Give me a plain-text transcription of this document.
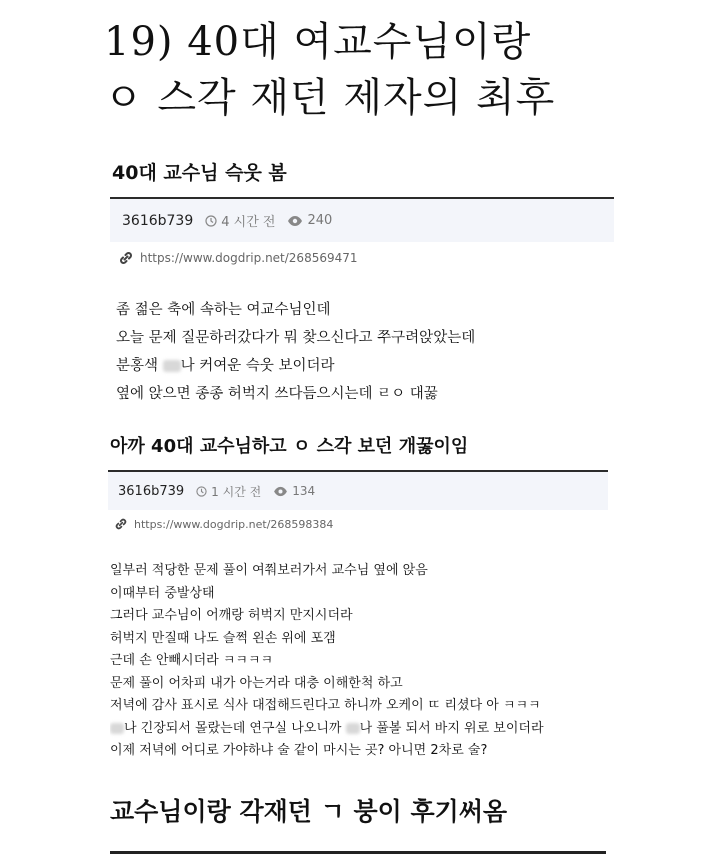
19) 40대 여교수님이랑
ㅇ 스각 재던 제자의 최후
40대 교수님 슥웃 봄
3616b739 4 시간 전 240
https://www.dogdrip.net/268569471
좀 젊은 축에 속하는 여교수님인데
오늘 문제 질문하러갔다가 뭐 찾으신다고 쭈구려앉았는데
분홍색 나 커여운 슥웃 보이더라
옆에 앉으면 종종 허벅지 쓰다듬으시는데 ㄹㅇ 대꿇
아까 40대 교수님하고 ㅇ 스각 보던 개꿇이임
3616b739 1 시간 전	134
https://www.dogdrip.net/268598384
일부러 적당한 문제 풀이 여쭤보러가서 교수님 옆에 앉음
이때부터 중발상태
그러다 교수님이 어깨랑 허벅지 만지시더라
허벅지 만질때 나도 슬쩍 왼손 위에 포갬
근데 손 안빼시더라 ㅋㅋㅋㅋ
문제 풀이 어차피 내가 아는거라 대충 이해한척 하고
저녁에 감사 표시로 식사 대접해드린다고 하니까 오케이 ㄸ 리셨다 아 ㅋㅋㅋ
나 긴장되서 몰랐는데 연구실 나오니까 나 풀볼 되서 바지 위로 보이더라
이제 저녁에 어디로 가야하냐 술 같이 마시는 곳? 아니면 2차로 술?
교수님이랑 각재던 ㄱ 붕이 후기써옴
